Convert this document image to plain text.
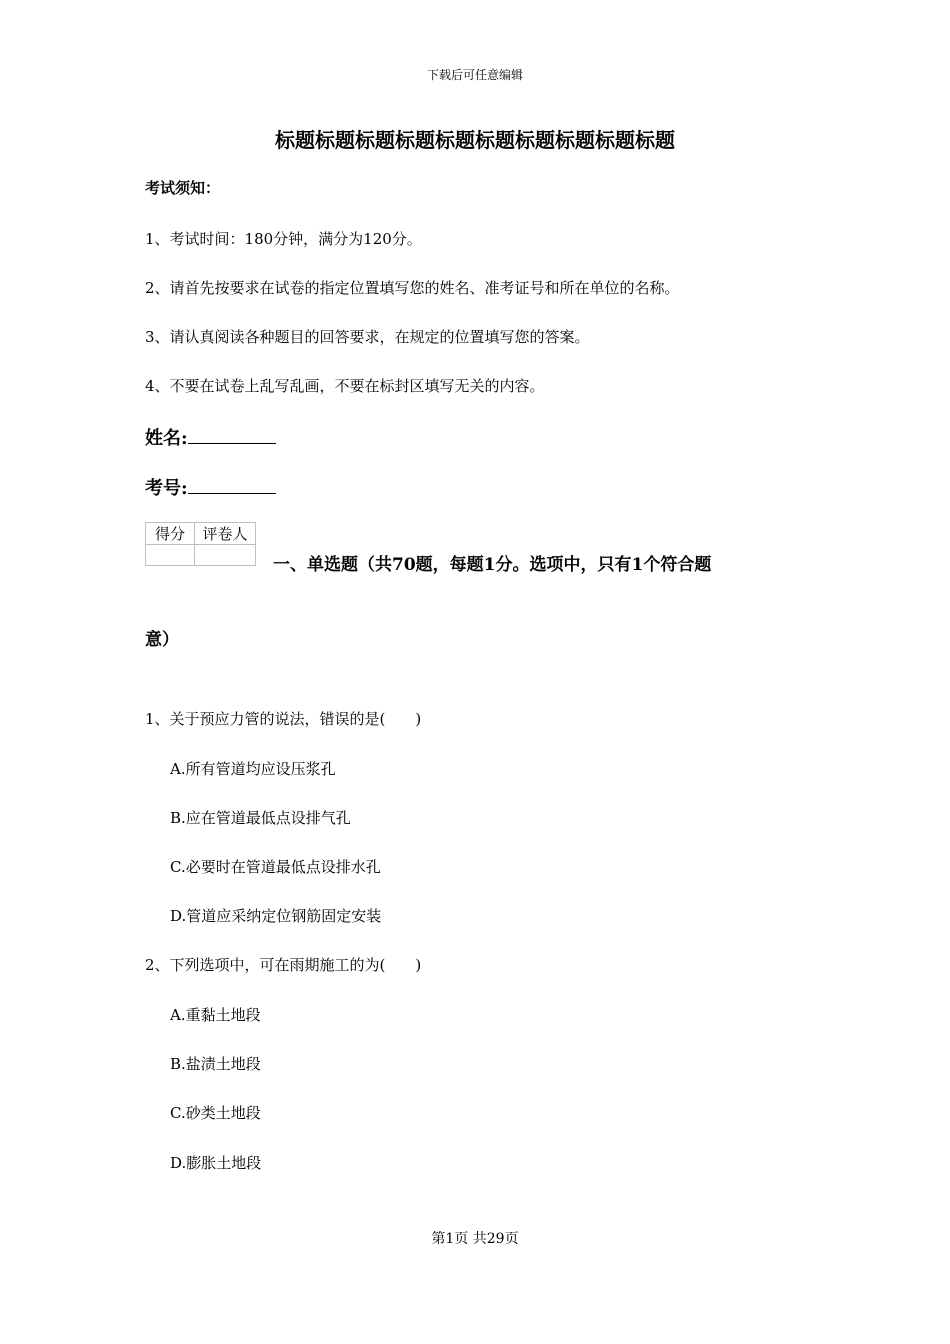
下载后可任意编辑
标题标题标题标题标题标题标题标题标题标题
考试须知：
1、考试时间：180分钟，满分为120分。
2、请首先按要求在试卷的指定位置填写您的姓名、准考证号和所在单位的名称。
3、请认真阅读各种题目的回答要求，在规定的位置填写您的答案。
4、不要在试卷上乱写乱画，不要在标封区填写无关的内容。
姓名:
考号:
得分	评卷人

一、单选题（共70题，每题1分。选项中，只有1个符合题
意）
1、关于预应力管的说法，错误的是(　　)
A.所有管道均应设压浆孔
B.应在管道最低点设排气孔
C.必要时在管道最低点设排水孔
D.管道应采纳定位钢筋固定安装
2、下列选项中，可在雨期施工的为(　　)
A.重黏土地段
B.盐渍土地段
C.砂类土地段
D.膨胀土地段
第1页 共29页
